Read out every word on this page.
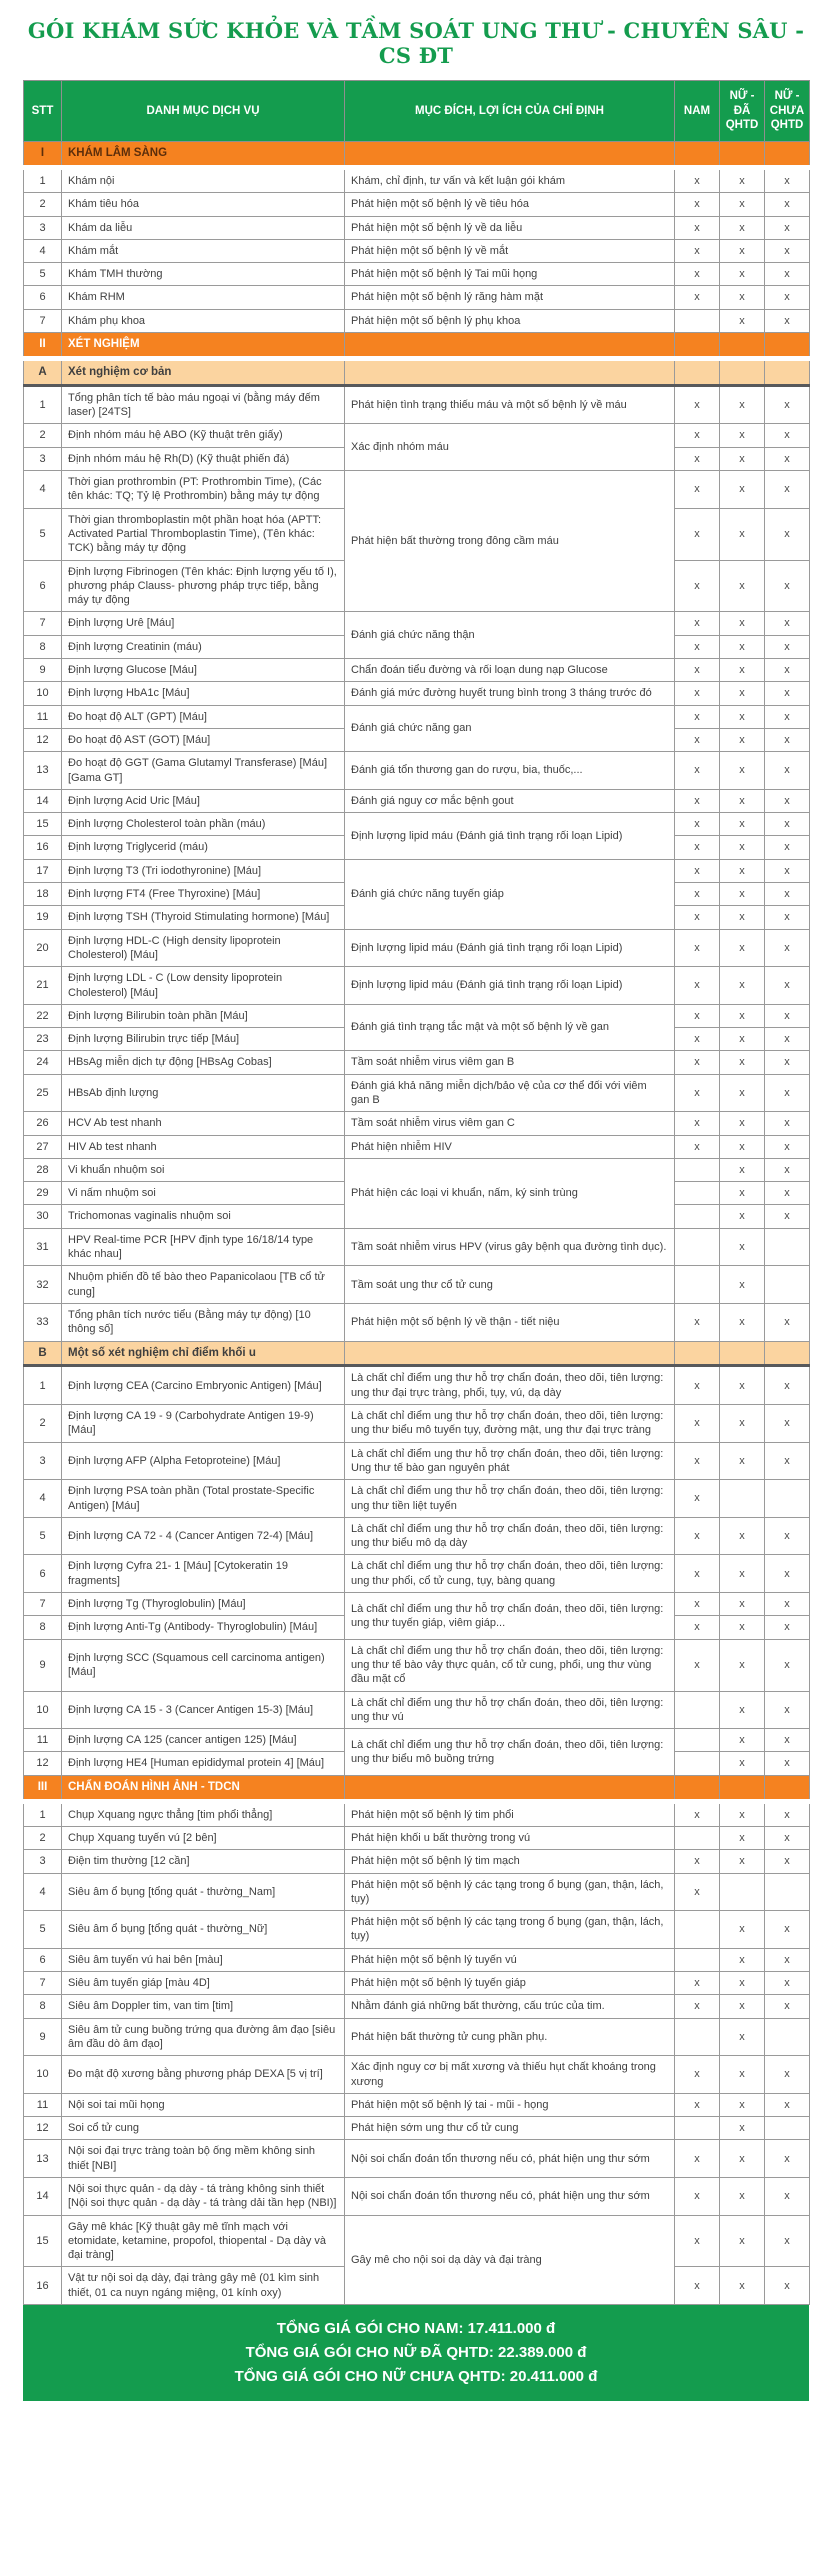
GÓI KHÁM SỨC KHỎE VÀ TẦM SOÁT UNG THƯ - CHUYÊN SÂU - CS ĐT
STT	DANH MỤC DỊCH VỤ	MỤC ĐÍCH, LỢI ÍCH CỦA CHỈ ĐỊNH	NAM	NỮ - ĐÃ QHTD	NỮ - CHƯA QHTD
I	KHÁM LÂM SÀNG				
1	Khám nội	Khám, chỉ định, tư vấn và kết luận gói khám	x	x	x
2	Khám tiêu hóa	Phát hiện một số bệnh lý về tiêu hóa	x	x	x
3	Khám da liễu	Phát hiện một số bệnh lý về da liễu	x	x	x
4	Khám mắt	Phát hiện một số bệnh lý về mắt	x	x	x
5	Khám TMH thường	Phát hiện một số bệnh lý Tai mũi họng	x	x	x
6	Khám RHM	Phát hiện một số bệnh lý răng hàm mặt	x	x	x
7	Khám phụ khoa	Phát hiện một số bệnh lý phụ khoa		x	x
II	XÉT NGHIỆM				
A	Xét nghiệm cơ bản				
1	Tổng phân tích tế bào máu ngoại vi (bằng máy đếm laser) [24TS]	Phát hiện tình trạng thiếu máu và một số bệnh lý về máu	x	x	x
2	Định nhóm máu hệ ABO (Kỹ thuật trên giấy)	Xác định nhóm máu	x	x	x
3	Định nhóm máu hệ Rh(D) (Kỹ thuật phiến đá)		x	x	x
4	Thời gian prothrombin (PT: Prothrombin Time), (Các tên khác: TQ; Tỷ lệ Prothrombin) bằng máy tự động	Phát hiện bất thường trong đông cầm máu	x	x	x
5	Thời gian thromboplastin một phần hoạt hóa (APTT: Activated Partial Thromboplastin Time), (Tên khác: TCK) bằng máy tự động		x	x	x
6	Định lượng Fibrinogen (Tên khác: Định lượng yếu tố I), phương pháp Clauss- phương pháp trực tiếp, bằng máy tự động		x	x	x
7	Định lượng Urê [Máu]	Đánh giá chức năng thận	x	x	x
8	Định lượng Creatinin (máu)		x	x	x
9	Định lượng Glucose [Máu]	Chẩn đoán tiểu đường và rối loạn dung nạp Glucose	x	x	x
10	Định lượng HbA1c [Máu]	Đánh giá mức đường huyết trung bình trong 3 tháng trước đó	x	x	x
11	Đo hoạt độ ALT (GPT) [Máu]	Đánh giá chức năng gan	x	x	x
12	Đo hoạt độ AST (GOT) [Máu]		x	x	x
13	Đo hoạt độ GGT (Gama Glutamyl Transferase) [Máu] [Gama GT]	Đánh giá tổn thương gan do rượu, bia, thuốc,...	x	x	x
14	Định lượng Acid Uric [Máu]	Đánh giá nguy cơ mắc bệnh gout	x	x	x
15	Định lượng Cholesterol toàn phần (máu)	Định lượng lipid máu (Đánh giá tình trạng rối loạn Lipid)	x	x	x
16	Định lượng Triglycerid (máu)		x	x	x
17	Định lượng T3 (Tri iodothyronine) [Máu]	Đánh giá chức năng tuyến giáp	x	x	x
18	Định lượng FT4 (Free Thyroxine) [Máu]		x	x	x
19	Định lượng TSH (Thyroid Stimulating hormone) [Máu]		x	x	x
20	Định lượng HDL-C (High density lipoprotein Cholesterol) [Máu]	Định lượng lipid máu (Đánh giá tình trạng rối loạn Lipid)	x	x	x
21	Định lượng LDL - C (Low density lipoprotein Cholesterol) [Máu]	Định lượng lipid máu (Đánh giá tình trạng rối loạn Lipid)	x	x	x
22	Định lượng Bilirubin toàn phần [Máu]	Đánh giá tình trạng tắc mật và một số bệnh lý về gan	x	x	x
23	Định lượng Bilirubin trực tiếp [Máu]		x	x	x
24	HBsAg miễn dịch tự động [HBsAg Cobas]	Tầm soát nhiễm virus viêm gan B	x	x	x
25	HBsAb định lượng	Đánh giá khả năng miễn dịch/bảo vệ của cơ thể đối với viêm gan B	x	x	x
26	HCV Ab test nhanh	Tầm soát nhiễm virus viêm gan C	x	x	x
27	HIV Ab test nhanh	Phát hiện nhiễm HIV	x	x	x
28	Vi khuẩn nhuộm soi	Phát hiện các loại vi khuẩn, nấm, ký sinh trùng		x	x
29	Vi nấm nhuộm soi			x	x
30	Trichomonas vaginalis nhuộm soi			x	x
31	HPV Real-time PCR [HPV định type 16/18/14 type khác nhau]	Tầm soát nhiễm virus HPV (virus gây bệnh qua đường tình dục).		x	
32	Nhuộm phiến đồ tế bào theo Papanicolaou [TB cổ tử cung]	Tầm soát ung thư cổ tử cung		x	
33	Tổng phân tích nước tiểu (Bằng máy tự động) [10 thông số]	Phát hiện một số bệnh lý về thận - tiết niệu	x	x	x
B	Một số xét nghiệm chỉ điểm khối u				
1	Định lượng CEA (Carcino Embryonic Antigen) [Máu]	Là chất chỉ điểm ung thư hỗ trợ chẩn đoán, theo dõi, tiên lượng: ung thư đại trực tràng, phổi, tụy, vú, dạ dày	x	x	x
2	Định lượng CA 19 - 9 (Carbohydrate Antigen 19-9) [Máu]	Là chất chỉ điểm ung thư hỗ trợ chẩn đoán, theo dõi, tiên lượng: ung thư biểu mô tuyến tụy, đường mật, ung thư đại trực tràng	x	x	x
3	Định lượng AFP (Alpha Fetoproteine) [Máu]	Là chất chỉ điểm ung thư hỗ trợ chẩn đoán, theo dõi, tiên lượng: Ung thư tế bào gan nguyên phát	x	x	x
4	Định lượng PSA toàn phần (Total prostate-Specific Antigen) [Máu]	Là chất chỉ điểm ung thư hỗ trợ chẩn đoán, theo dõi, tiên lượng: ung thư tiền liệt tuyến	x		
5	Định lượng CA 72 - 4 (Cancer Antigen 72-4) [Máu]	Là chất chỉ điểm ung thư hỗ trợ chẩn đoán, theo dõi, tiên lượng: ung thư biểu mô dạ dày	x	x	x
6	Định lượng Cyfra 21- 1 [Máu] [Cytokeratin 19 fragments]	Là chất chỉ điểm ung thư hỗ trợ chẩn đoán, theo dõi, tiên lượng: ung thư phổi, cổ tử cung, tụy, bàng quang	x	x	x
7	Định lượng Tg (Thyroglobulin) [Máu]	Là chất chỉ điểm ung thư hỗ trợ chẩn đoán, theo dõi, tiên lượng: ung thư tuyến giáp, viêm giáp...	x	x	x
8	Định lượng Anti-Tg (Antibody- Thyroglobulin) [Máu]		x	x	x
9	Định lượng SCC (Squamous cell carcinoma antigen) [Máu]	Là chất chỉ điểm ung thư hỗ trợ chẩn đoán, theo dõi, tiên lượng: ung thư tế bào vảy thực quản, cổ tử cung, phổi, ung thư vùng đầu mặt cổ	x	x	x
10	Định lượng CA 15 - 3 (Cancer Antigen 15-3) [Máu]	Là chất chỉ điểm ung thư hỗ trợ chẩn đoán, theo dõi, tiên lượng: ung thư vú		x	x
11	Định lượng CA 125 (cancer antigen 125) [Máu]	Là chất chỉ điểm ung thư hỗ trợ chẩn đoán, theo dõi, tiên lượng: ung thư biểu mô buồng trứng		x	x
12	Định lượng HE4 [Human epididymal protein 4] [Máu]			x	x
III	CHẨN ĐOÁN HÌNH ẢNH - TDCN				
1	Chụp Xquang ngực thẳng [tim phổi thẳng]	Phát hiện một số bệnh lý tim phổi	x	x	x
2	Chụp Xquang tuyến vú [2 bên]	Phát hiện khối u bất thường trong vú		x	x
3	Điện tim thường [12 cần]	Phát hiện một số bệnh lý tim mạch	x	x	x
4	Siêu âm ổ bụng [tổng quát - thường_Nam]	Phát hiện một số bệnh lý các tạng trong ổ bụng (gan, thận, lách, tụy)	x		
5	Siêu âm ổ bụng [tổng quát - thường_Nữ]	Phát hiện một số bệnh lý các tạng trong ổ bụng (gan, thận, lách, tụy)		x	x
6	Siêu âm tuyến vú hai bên [màu]	Phát hiện một số bệnh lý tuyến vú		x	x
7	Siêu âm tuyến giáp [màu 4D]	Phát hiện một số bệnh lý tuyến giáp	x	x	x
8	Siêu âm Doppler tim, van tim [tim]	Nhằm đánh giá những bất thường, cấu trúc của tim.	x	x	x
9	Siêu âm tử cung buồng trứng qua đường âm đạo [siêu âm đầu dò âm đạo]	Phát hiện bất thường tử cung phần phụ.		x	
10	Đo mật độ xương bằng phương pháp DEXA [5 vị trí]	Xác định nguy cơ bị mất xương và thiếu hụt chất khoáng trong xương	x	x	x
11	Nội soi tai mũi họng	Phát hiện một số bệnh lý tai - mũi - họng	x	x	x
12	Soi cổ tử cung	Phát hiện sớm ung thư cổ tử cung		x	
13	Nội soi đại trực tràng toàn bộ ống mềm không sinh thiết [NBI]	Nội soi chẩn đoán tổn thương nếu có, phát hiện ung thư sớm	x	x	x
14	Nội soi thực quản - dạ dày - tá tràng không sinh thiết [Nội soi thực quản - dạ dày - tá tràng dải tần hẹp (NBI)]	Nội soi chẩn đoán tổn thương nếu có, phát hiện ung thư sớm	x	x	x
15	Gây mê khác [Kỹ thuật gây mê tĩnh mạch với etomidate, ketamine, propofol, thiopental - Dạ dày và đại tràng]	Gây mê cho nội soi dạ dày và đại tràng	x	x	x
16	Vật tư nội soi dạ dày, đại tràng gây mê (01 kìm sinh thiết, 01 ca nuyn ngáng miệng, 01 kính oxy)		x	x	x
TỔNG GIÁ GÓI CHO NAM: 17.411.000 đ
TỔNG GIÁ GÓI CHO NỮ ĐÃ QHTD: 22.389.000 đ
TỔNG GIÁ GÓI CHO NỮ CHƯA QHTD: 20.411.000 đ
